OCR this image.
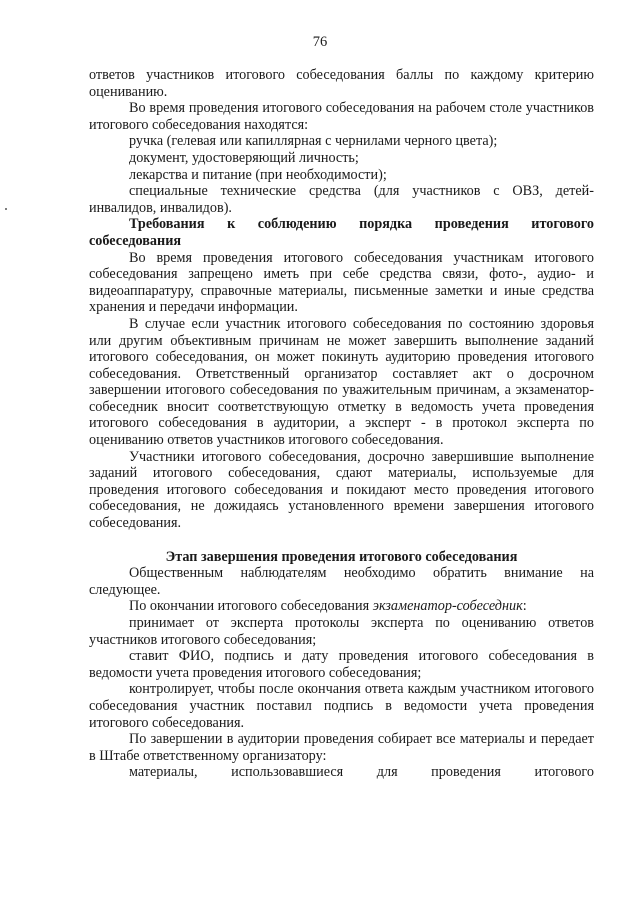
76

ответов участников итогового собеседования баллы по каждому критерию оцениванию.

Во время проведения итогового собеседования на рабочем столе участников итогового собеседования находятся:

ручка (гелевая или капиллярная с чернилами черного цвета);

документ, удостоверяющий личность;

лекарства и питание (при необходимости);

специальные технические средства (для участников с ОВЗ, детей-инвалидов, инвалидов).

Требования к соблюдению порядка проведения итогового собеседования

Во время проведения итогового собеседования участникам итогового собеседования запрещено иметь при себе средства связи, фото-, аудио- и видеоаппаратуру, справочные материалы, письменные заметки и иные средства хранения и передачи информации.

В случае если участник итогового собеседования по состоянию здоровья или другим объективным причинам не может завершить выполнение заданий итогового собеседования, он может покинуть аудиторию проведения итогового собеседования. Ответственный организатор составляет акт о досрочном завершении итогового собеседования по уважительным причинам, а экзаменатор-собеседник вносит соответствующую отметку в ведомость учета проведения итогового собеседования в аудитории, а эксперт - в протокол эксперта по оцениванию ответов участников итогового собеседования.

Участники итогового собеседования, досрочно завершившие выполнение заданий итогового собеседования, сдают материалы, используемые для проведения итогового собеседования и покидают место проведения итогового собеседования, не дожидаясь установленного времени завершения итогового собеседования.

Этап завершения проведения итогового собеседования

Общественным наблюдателям необходимо обратить внимание на следующее.

По окончании итогового собеседования экзаменатор-собеседник:

принимает от эксперта протоколы эксперта по оцениванию ответов участников итогового собеседования;

ставит ФИО, подпись и дату проведения итогового собеседования в ведомости учета проведения итогового собеседования;

контролирует, чтобы после окончания ответа каждым участником итогового собеседования участник поставил подпись в ведомости учета проведения итогового собеседования.

По завершении в аудитории проведения собирает все материалы и передает в Штабе ответственному организатору:

материалы, использовавшиеся для проведения итогового
